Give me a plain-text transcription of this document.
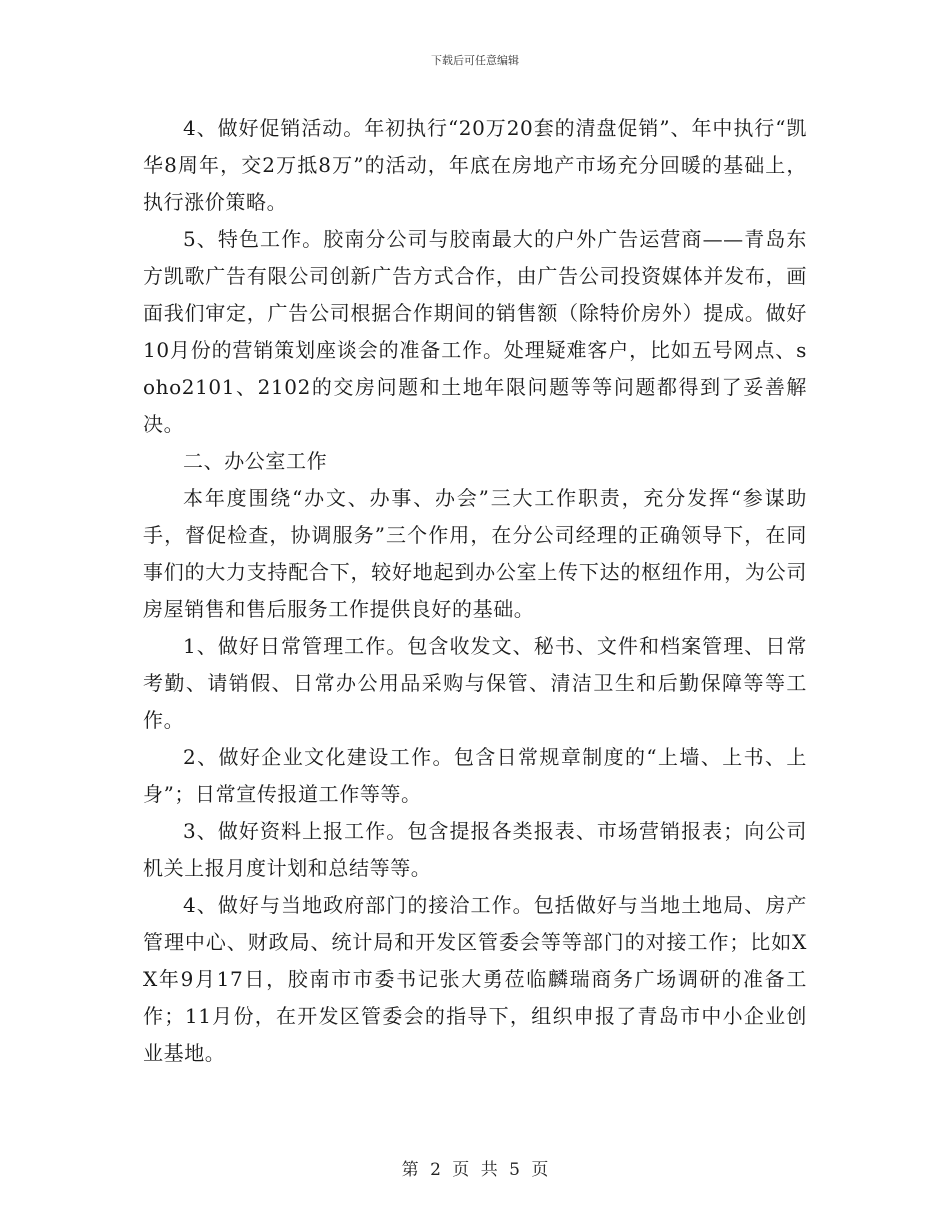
下载后可任意编辑

4、做好促销活动。年初执行“20万20套的清盘促销”、年中执行“凯华8周年，交2万抵8万”的活动，年底在房地产市场充分回暖的基础上，执行涨价策略。

5、特色工作。胶南分公司与胶南最大的户外广告运营商——青岛东方凯歌广告有限公司创新广告方式合作，由广告公司投资媒体并发布，画面我们审定，广告公司根据合作期间的销售额（除特价房外）提成。做好10月份的营销策划座谈会的准备工作。处理疑难客户，比如五号网点、soho2101、2102的交房问题和土地年限问题等等问题都得到了妥善解决。

二、办公室工作

本年度围绕“办文、办事、办会”三大工作职责，充分发挥“参谋助手，督促检查，协调服务”三个作用，在分公司经理的正确领导下，在同事们的大力支持配合下，较好地起到办公室上传下达的枢纽作用，为公司房屋销售和售后服务工作提供良好的基础。

1、做好日常管理工作。包含收发文、秘书、文件和档案管理、日常考勤、请销假、日常办公用品采购与保管、清洁卫生和后勤保障等等工作。

2、做好企业文化建设工作。包含日常规章制度的“上墙、上书、上身”；日常宣传报道工作等等。

3、做好资料上报工作。包含提报各类报表、市场营销报表；向公司机关上报月度计划和总结等等。

4、做好与当地政府部门的接洽工作。包括做好与当地土地局、房产管理中心、财政局、统计局和开发区管委会等等部门的对接工作；比如XX年9月17日，胶南市市委书记张大勇莅临麟瑞商务广场调研的准备工作；11月份，在开发区管委会的指导下，组织申报了青岛市中小企业创业基地。

第 2 页 共 5 页
